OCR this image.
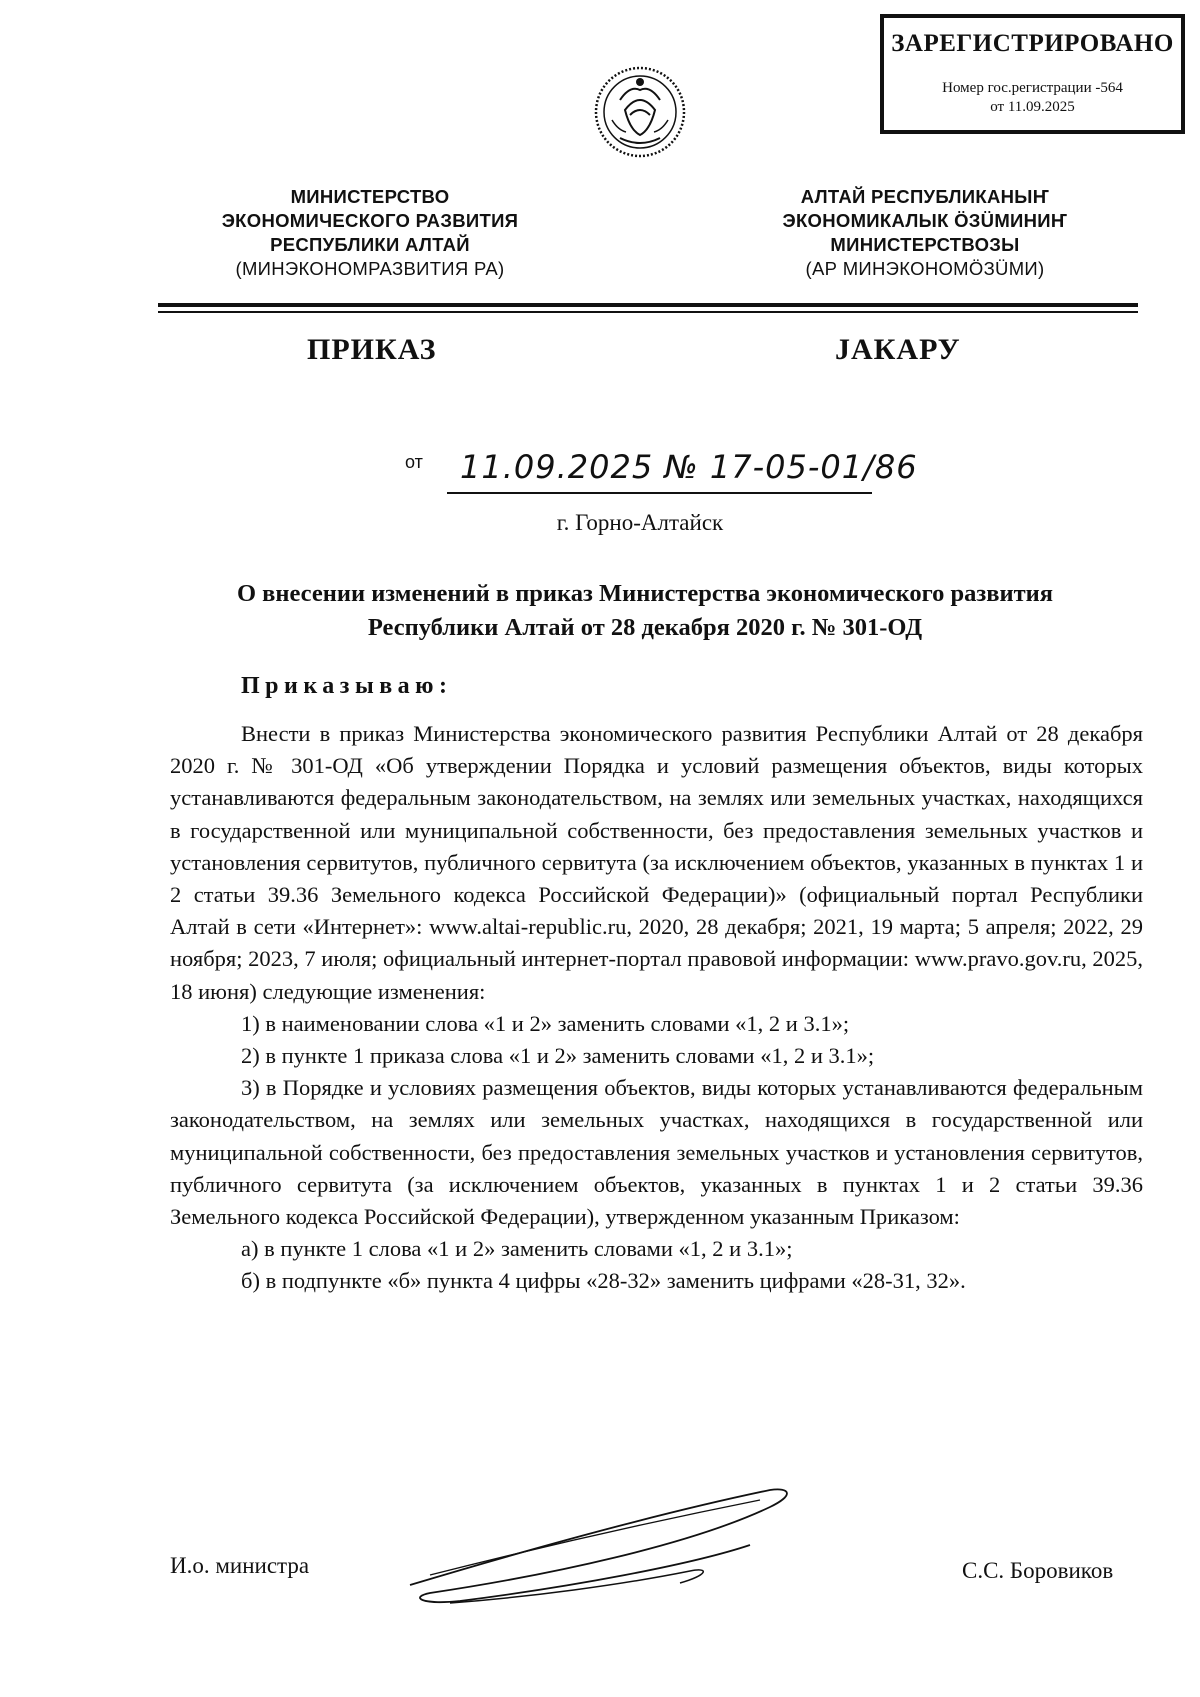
ЗАРЕГИСТРИРОВАНО
Номер гос.регистрации -564
от 11.09.2025
МИНИСТЕРСТВО
ЭКОНОМИЧЕСКОГО РАЗВИТИЯ
РЕСПУБЛИКИ АЛТАЙ
(МИНЭКОНОМРАЗВИТИЯ РА)
АЛТАЙ РЕСПУБЛИКАНЫҤ
ЭКОНОМИКАЛЫК ÖЗÜМИНИҤ
МИНИСТЕРСТВОЗЫ
(АР МИНЭКОНОМÖЗÜМИ)
ПРИКАЗ	JАКАРУ
от 11.09.2025 № 17-05-01/86
г. Горно-Алтайск
О внесении изменений в приказ Министерства экономического развития
Республики Алтай от 28 декабря 2020 г. № 301-ОД
Приказываю:

Внести в приказ Министерства экономического развития Республики Алтай от 28 декабря 2020 г. № 301-ОД «Об утверждении Порядка и условий размещения объектов, виды которых устанавливаются федеральным законодательством, на землях или земельных участках, находящихся в государственной или муниципальной собственности, без предоставления земельных участков и установления сервитутов, публичного сервитута (за исключением объектов, указанных в пунктах 1 и 2 статьи 39.36 Земельного кодекса Российской Федерации)» (официальный портал Республики Алтай в сети «Интернет»: www.altai-republic.ru, 2020, 28 декабря; 2021, 19 марта; 5 апреля; 2022, 29 ноября; 2023, 7 июля; официальный интернет-портал правовой информации: www.pravo.gov.ru, 2025, 18 июня) следующие изменения:

1) в наименовании слова «1 и 2» заменить словами «1, 2 и 3.1»;

2) в пункте 1 приказа слова «1 и 2» заменить словами «1, 2 и 3.1»;

3) в Порядке и условиях размещения объектов, виды которых устанавливаются федеральным законодательством, на землях или земельных участках, находящихся в государственной или муниципальной собственности, без предоставления земельных участков и установления сервитутов, публичного сервитута (за исключением объектов, указанных в пунктах 1 и 2 статьи 39.36 Земельного кодекса Российской Федерации), утвержденном указанным Приказом:

а) в пункте 1 слова «1 и 2» заменить словами «1, 2 и 3.1»;

б) в подпункте «б» пункта 4 цифры «28-32» заменить цифрами «28-31, 32».

И.о. министра	С.С. Боровиков
